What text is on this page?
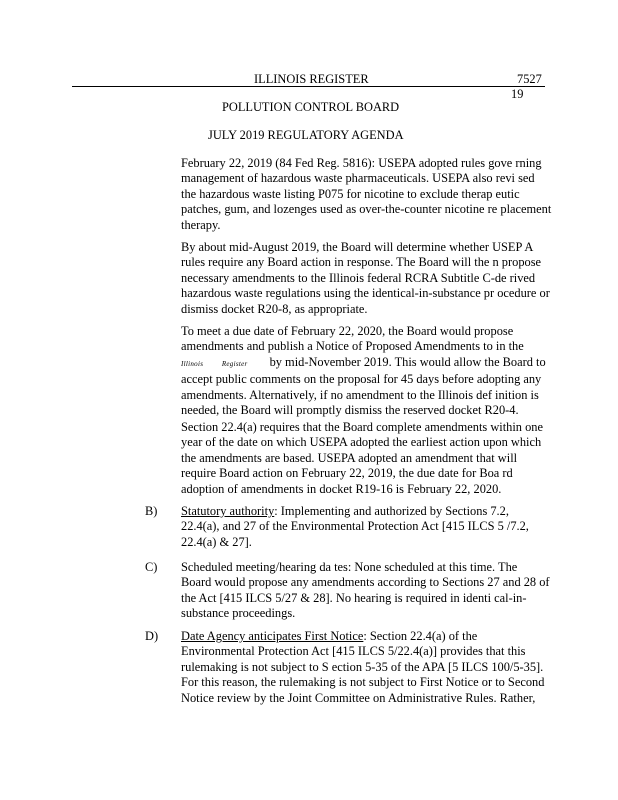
ILLINOIS REGISTER	7527
19
POLLUTION CONTROL BOARD
JULY 2019 REGULATORY AGENDA
February 22, 2019 (84 Fed Reg. 5816): USEPA adopted rules gove rning
management of hazardous waste pharmaceuticals. USEPA also revi sed
the hazardous waste listing P075 for nicotine to exclude therap eutic
patches, gum, and lozenges used as over-the-counter nicotine re placement
therapy.
By about mid-August 2019, the Board will determine whether USEP A
rules require any Board action in response. The Board will the n propose
necessary amendments to the Illinois federal RCRA Subtitle C-de rived
hazardous waste regulations using the identical-in-substance pr ocedure or
dismiss docket R20-8, as appropriate.
To meet a due date of February 22, 2020, the Board would propose
amendments and publish a Notice of Proposed Amendments to in the
Illinois	Register by mid-November 2019. This would allow the Board to
accept public comments on the proposal for 45 days before adopting any
amendments. Alternatively, if no amendment to the Illinois def inition is
needed, the Board will promptly dismiss the reserved docket R20-4.
Section 22.4(a) requires that the Board complete amendments within one
year of the date on which USEPA adopted the earliest action upon which
the amendments are based. USEPA adopted an amendment that will
require Board action on February 22, 2019, the due date for Boa rd
adoption of amendments in docket R19-16 is February 22, 2020.
B) Statutory authority: Implementing and authorized by Sections 7.2,
22.4(a), and 27 of the Environmental Protection Act [415 ILCS 5 /7.2,
22.4(a) & 27].
C) Scheduled meeting/hearing da tes: None scheduled at this time. The
Board would propose any amendments according to Sections 27 and 28 of
the Act [415 ILCS 5/27 & 28]. No hearing is required in identi cal-in-
substance proceedings.
D) Date Agency anticipates First Notice: Section 22.4(a) of the
Environmental Protection Act [415 ILCS 5/22.4(a)] provides that this
rulemaking is not subject to S ection 5-35 of the APA [5 ILCS 100/5-35].
For this reason, the rulemaking is not subject to First Notice or to Second
Notice review by the Joint Committee on Administrative Rules. Rather,
